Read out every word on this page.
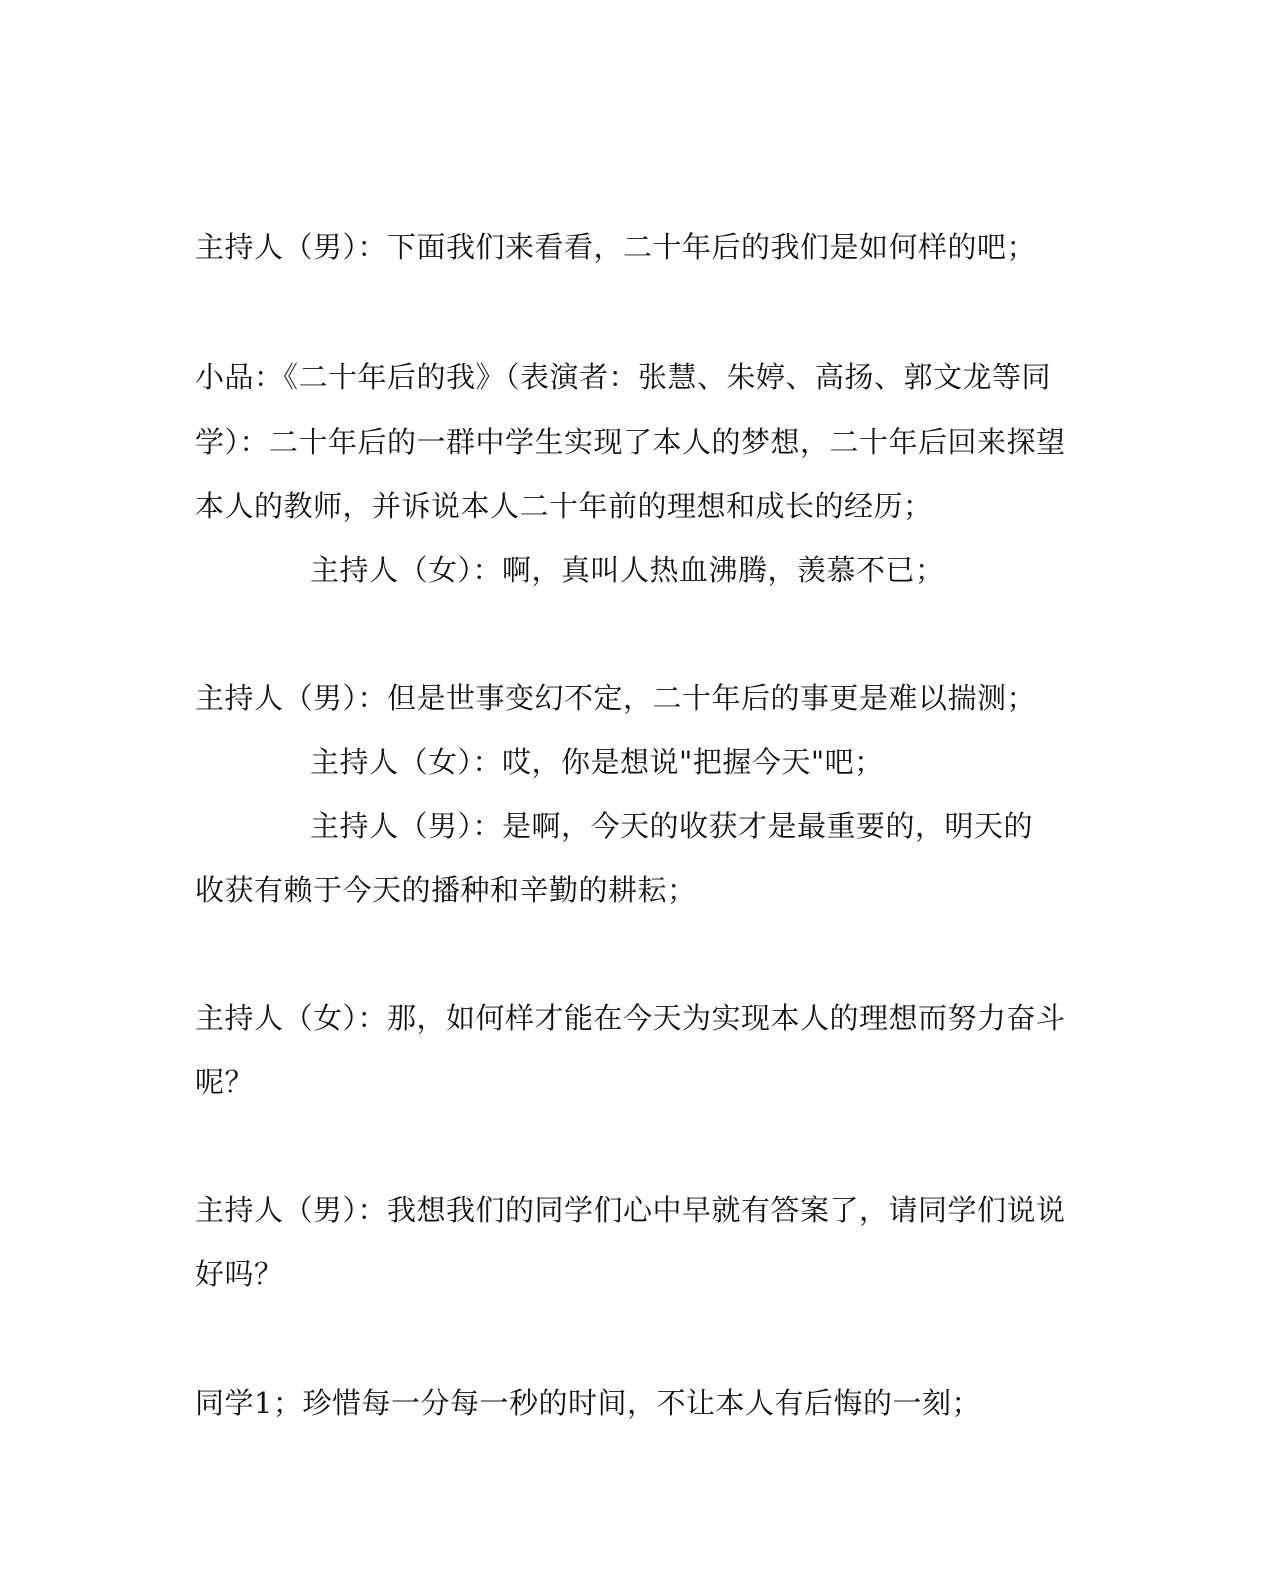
主持人（男）：下面我们来看看，二十年后的我们是如何样的吧；
小品：《二十年后的我》（表演者：张慧、朱婷、高扬、郭文龙等同
学）：二十年后的一群中学生实现了本人的梦想，二十年后回来探望
本人的教师，并诉说本人二十年前的理想和成长的经历；
主持人（女）：啊，真叫人热血沸腾，羡慕不已；
主持人（男）：但是世事变幻不定，二十年后的事更是难以揣测；
主持人（女）：哎，你是想说"把握今天"吧；
主持人（男）：是啊，今天的收获才是最重要的，明天的
收获有赖于今天的播种和辛勤的耕耘；
主持人（女）：那，如何样才能在今天为实现本人的理想而努力奋斗
呢？
主持人（男）：我想我们的同学们心中早就有答案了，请同学们说说
好吗？
同学1；珍惜每一分每一秒的时间，不让本人有后悔的一刻；
